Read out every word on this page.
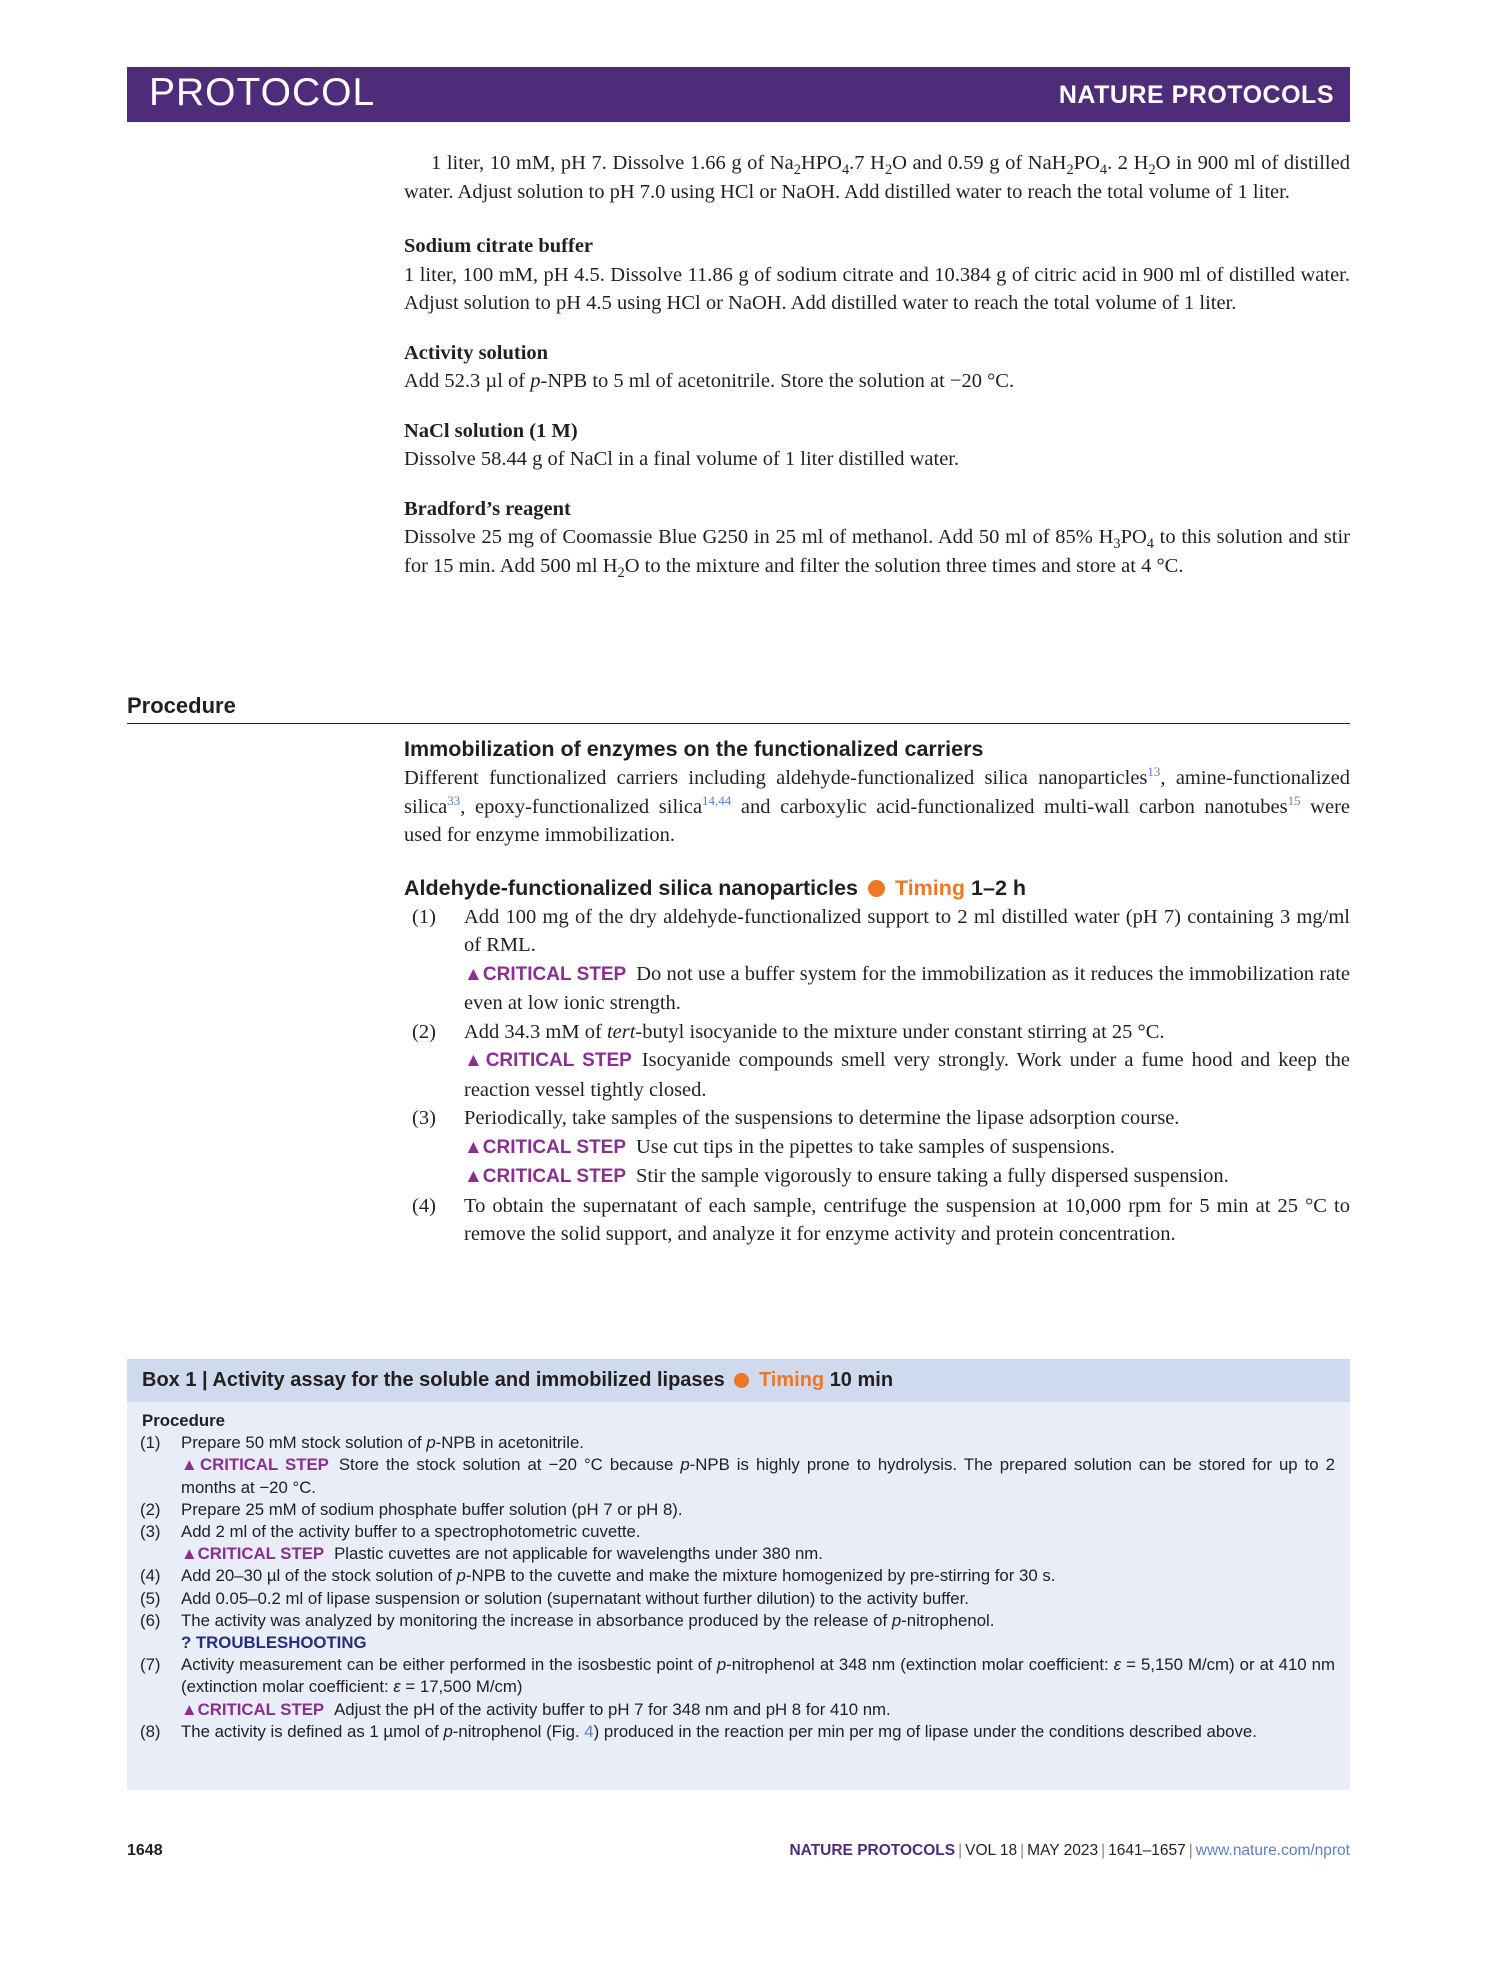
PROTOCOL	NATURE PROTOCOLS

1 liter, 10 mM, pH 7. Dissolve 1.66 g of $Na_2HPO_4.7$ $H_2O$ and 0.59 g of $NaH_2PO_4$. 2 $H_2O$ in 900 ml of distilled water. Adjust solution to pH 7.0 using HCl or NaOH. Add distilled water to reach the total volume of 1 liter.

Sodium citrate buffer

1 liter, 100 mM, pH 4.5. Dissolve 11.86 g of sodium citrate and 10.384 g of citric acid in 900 ml of distilled water. Adjust solution to pH 4.5 using HCl or NaOH. Add distilled water to reach the total volume of 1 liter.

Activity solution

Add 52.3 µl of p-NPB to 5 ml of acetonitrile. Store the solution at −20 °C.

NaCl solution (1 M)

Dissolve 58.44 g of NaCl in a final volume of 1 liter distilled water.

Bradford’s reagent

Dissolve 25 mg of Coomassie Blue G250 in 25 ml of methanol. Add 50 ml of 85% $H_3PO_4$ to this solution and stir for 15 min. Add 500 ml $H_2O$ to the mixture and filter the solution three times and store at 4 °C.

Procedure
Immobilization of enzymes on the functionalized carriers

Different functionalized carriers including aldehyde-functionalized silica nanoparticles$^{13}$, amine-functionalized silica$^{33}$, epoxy-functionalized silica$^{14,44}$ and carboxylic acid-functionalized multi-wall carbon nanotubes$^{15}$ were used for enzyme immobilization.

Aldehyde-functionalized silica nanoparticles Timing 1–2 h
(1) Add 100 mg of the dry aldehyde-functionalized support to 2 ml distilled water (pH 7) containing 3 mg/ml of RML.
▲CRITICAL STEP Do not use a buffer system for the immobilization as it reduces the immobilization rate even at low ionic strength.
(2) Add 34.3 mM of tert-butyl isocyanide to the mixture under constant stirring at 25 °C.
▲CRITICAL STEP Isocyanide compounds smell very strongly. Work under a fume hood and keep the reaction vessel tightly closed.
(3) Periodically, take samples of the suspensions to determine the lipase adsorption course.
▲CRITICAL STEP Use cut tips in the pipettes to take samples of suspensions.
▲CRITICAL STEP Stir the sample vigorously to ensure taking a fully dispersed suspension.
(4) To obtain the supernatant of each sample, centrifuge the suspension at 10,000 rpm for 5 min at 25 °C to remove the solid support, and analyze it for enzyme activity and protein concentration.
Box 1 | Activity assay for the soluble and immobilized lipases Timing 10 min
Procedure
(1) Prepare 50 mM stock solution of p-NPB in acetonitrile.
▲CRITICAL STEP Store the stock solution at −20 °C because p-NPB is highly prone to hydrolysis. The prepared solution can be stored for up to 2 months at −20 °C.
(2) Prepare 25 mM of sodium phosphate buffer solution (pH 7 or pH 8).
(3) Add 2 ml of the activity buffer to a spectrophotometric cuvette.
▲CRITICAL STEP Plastic cuvettes are not applicable for wavelengths under 380 nm.
(4) Add 20–30 µl of the stock solution of p-NPB to the cuvette and make the mixture homogenized by pre-stirring for 30 s.
(5) Add 0.05–0.2 ml of lipase suspension or solution (supernatant without further dilution) to the activity buffer.
(6) The activity was analyzed by monitoring the increase in absorbance produced by the release of p-nitrophenol.
? TROUBLESHOOTING
(7) Activity measurement can be either performed in the isosbestic point of p-nitrophenol at 348 nm (extinction molar coefficient: ε = 5,150 M/cm) or at 410 nm (extinction molar coefficient: ε = 17,500 M/cm)
▲CRITICAL STEP Adjust the pH of the activity buffer to pH 7 for 348 nm and pH 8 for 410 nm.
(8) The activity is defined as 1 µmol of p-nitrophenol (Fig. 4) produced in the reaction per min per mg of lipase under the conditions described above.
1648	NATURE PROTOCOLS | VOL 18 | MAY 2023 | 1641–1657 | www.nature.com/nprot
